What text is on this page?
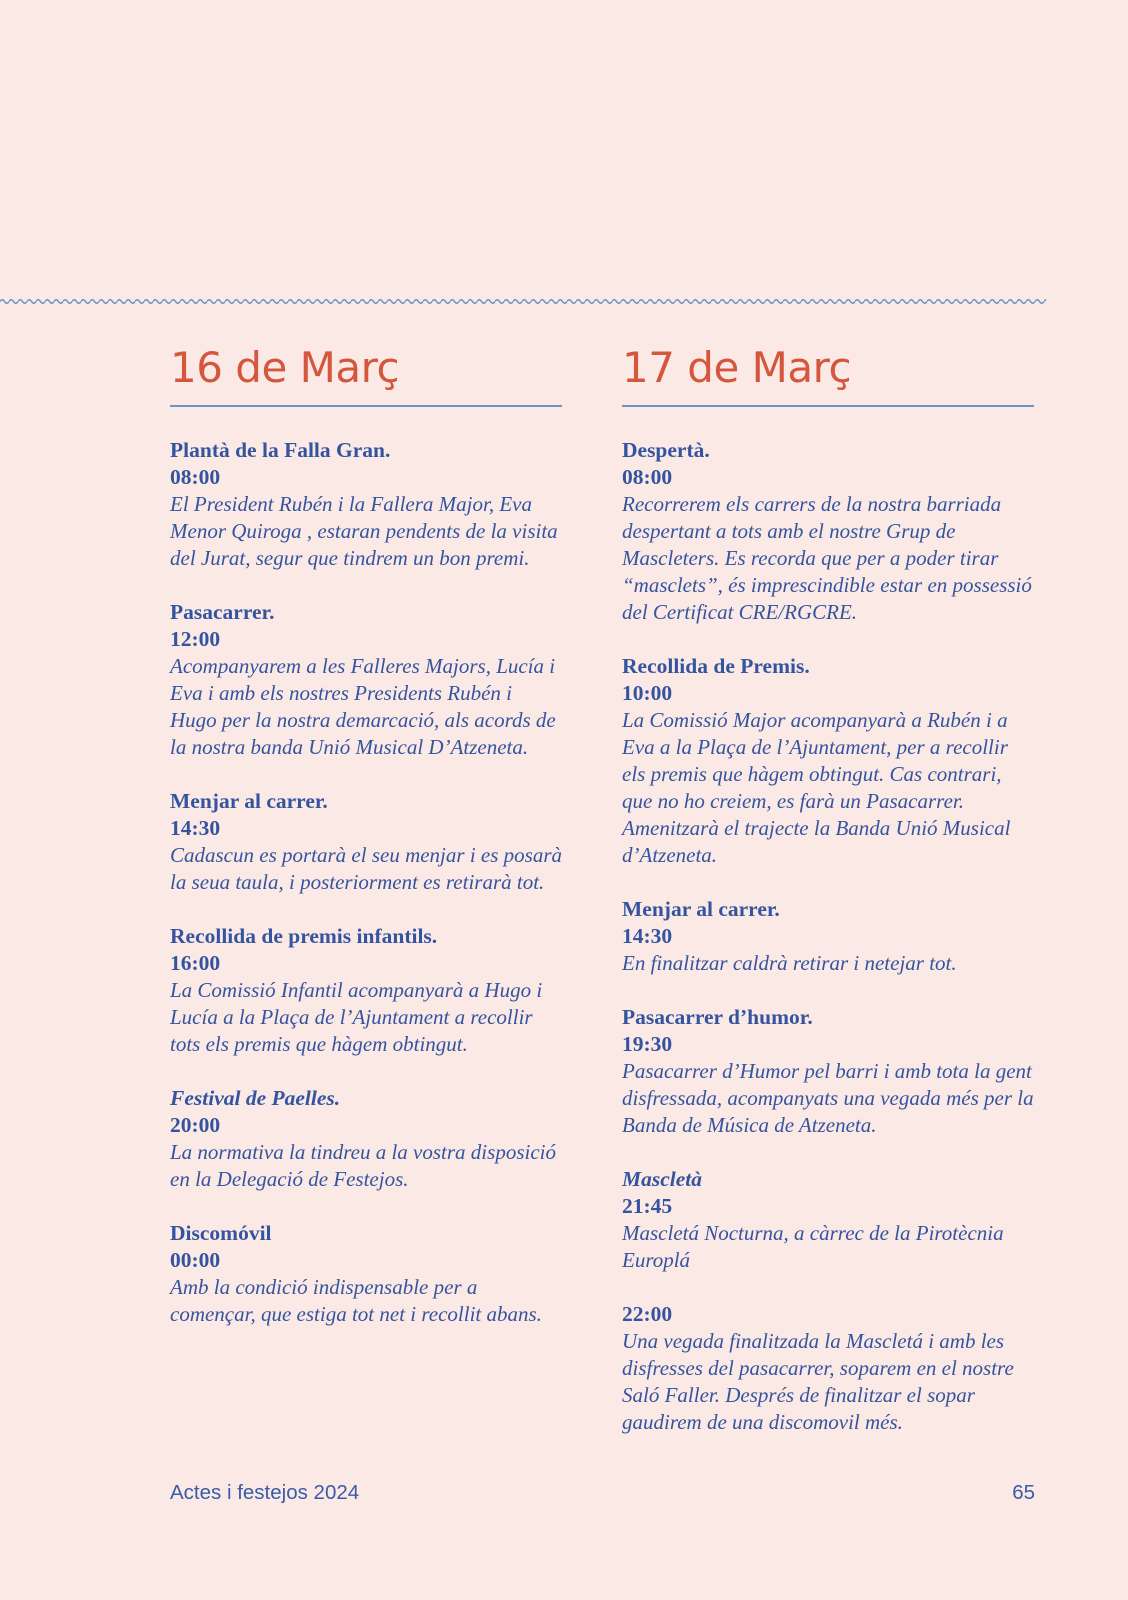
16 de Març
Plantà de la Falla Gran.
08:00
El President Rubén i la Fallera Major, Eva Menor Quiroga , estaran pendents de la visita del Jurat, segur que tindrem un bon premi.
Pasacarrer.
12:00
Acompanyarem a les Falleres Majors, Lucía i Eva i amb els nostres Presidents Rubén i Hugo per la nostra demarcació, als acords de la nostra banda Unió Musical D’Atzeneta.
Menjar al carrer.
14:30
Cadascun es portarà el seu menjar i es posarà la seua taula, i posteriorment es retirarà tot.
Recollida de premis infantils.
16:00
La Comissió Infantil acompanyarà a Hugo i Lucía a la Plaça de l’Ajuntament a recollir tots els premis que hàgem obtingut.
Festival de Paelles.
20:00
La normativa la tindreu a la vostra disposició en la Delegació de Festejos.
Discomóvil
00:00
Amb la condició indispensable per a començar, que estiga tot net i recollit abans.
17 de Març
Despertà.
08:00
Recorrerem els carrers de la nostra barriada despertant a tots amb el nostre Grup de Mascleters. Es recorda que per a poder tirar “masclets”, és imprescindible estar en possessió del Certificat CRE/RGCRE.
Recollida de Premis.
10:00
La Comissió Major acompanyarà a Rubén i a Eva a la Plaça de l’Ajuntament, per a recollir els premis que hàgem obtingut. Cas contrari, que no ho creiem, es farà un Pasacarrer. Amenitzarà el trajecte la Banda Unió Musical d’Atzeneta.
Menjar al carrer.
14:30
En finalitzar caldrà retirar i netejar tot.
Pasacarrer d’humor.
19:30
Pasacarrer d’Humor pel barri i amb tota la gent disfressada, acompanyats una vegada més per la Banda de Música de Atzeneta.
Mascletà
21:45
Mascletá Nocturna, a càrrec de la Pirotècnia Europlá
22:00
Una vegada finalitzada la Mascletá i amb les disfresses del pasacarrer, soparem en el nostre Saló Faller. Després de finalitzar el sopar gaudirem de una discomovil més.
Actes i festejos 2024	65
